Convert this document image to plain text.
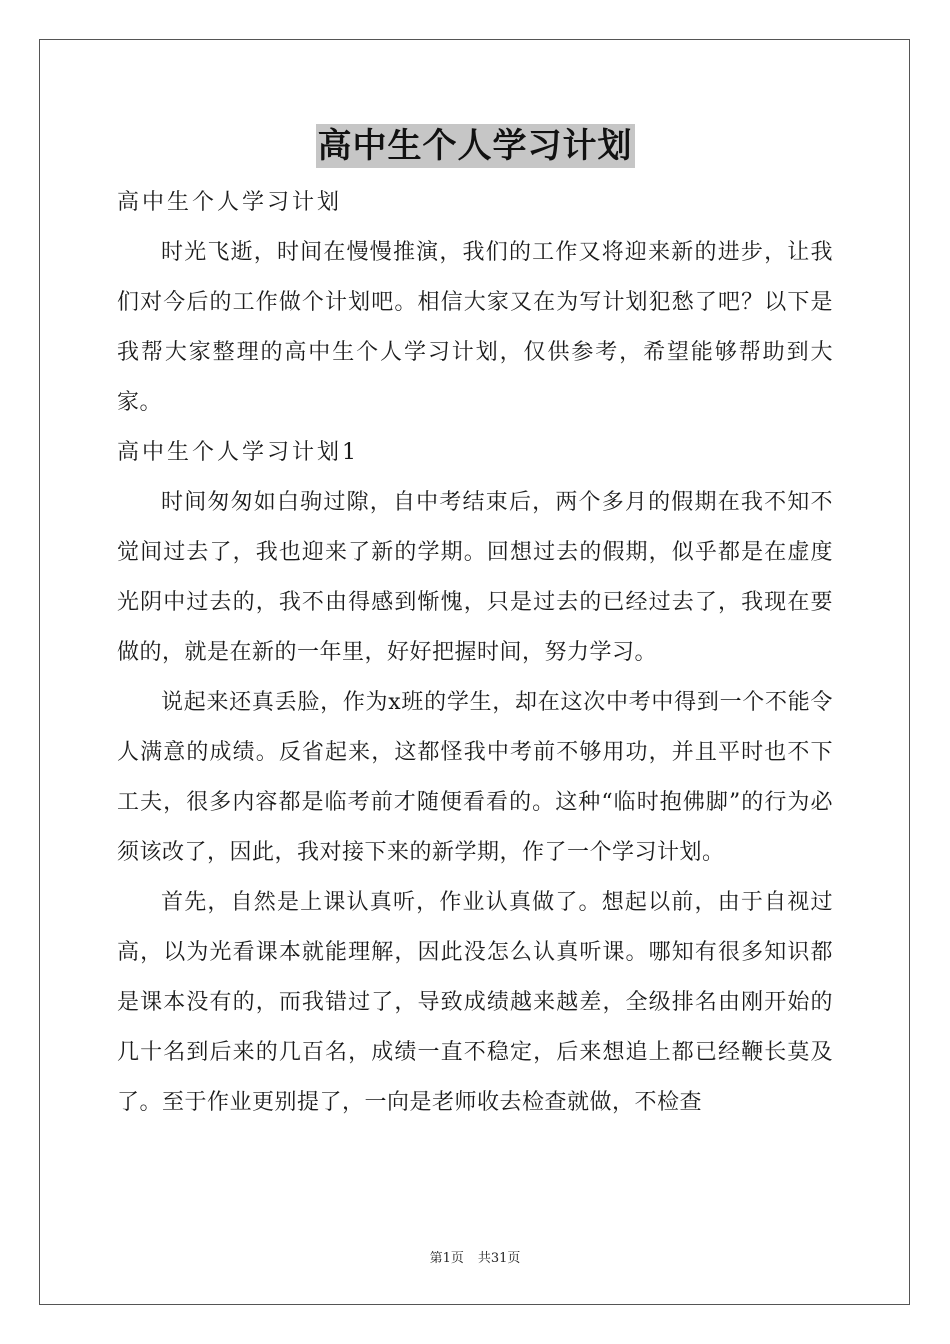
高中生个人学习计划

高中生个人学习计划

时光飞逝，时间在慢慢推演，我们的工作又将迎来新的进步，让我们对今后的工作做个计划吧。相信大家又在为写计划犯愁了吧？以下是我帮大家整理的高中生个人学习计划，仅供参考，希望能够帮助到大家。

高中生个人学习计划1

时间匆匆如白驹过隙，自中考结束后，两个多月的假期在我不知不觉间过去了，我也迎来了新的学期。回想过去的假期，似乎都是在虚度光阴中过去的，我不由得感到惭愧，只是过去的已经过去了，我现在要做的，就是在新的一年里，好好把握时间，努力学习。

说起来还真丢脸，作为x班的学生，却在这次中考中得到一个不能令人满意的成绩。反省起来，这都怪我中考前不够用功，并且平时也不下工夫，很多内容都是临考前才随便看看的。这种“临时抱佛脚”的行为必须该改了，因此，我对接下来的新学期，作了一个学习计划。

首先，自然是上课认真听，作业认真做了。想起以前，由于自视过高，以为光看课本就能理解，因此没怎么认真听课。哪知有很多知识都是课本没有的，而我错过了，导致成绩越来越差，全级排名由刚开始的几十名到后来的几百名，成绩一直不稳定，后来想追上都已经鞭长莫及了。至于作业更别提了，一向是老师收去检查就做，不检查

第1页 共31页
